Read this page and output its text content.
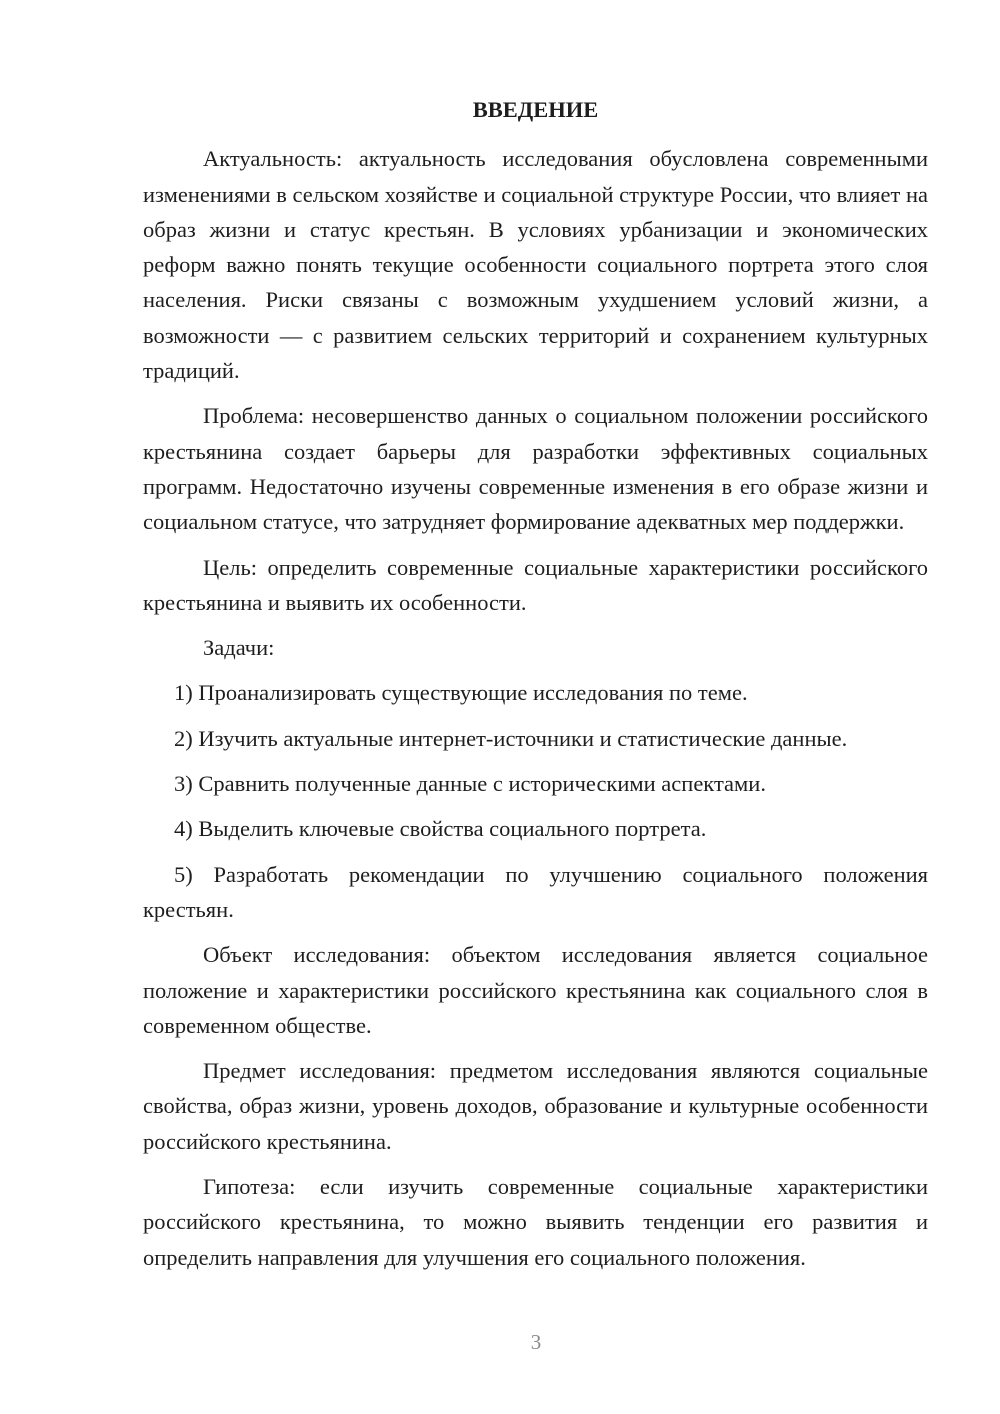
ВВЕДЕНИЕ

Актуальность: актуальность исследования обусловлена современными изменениями в сельском хозяйстве и социальной структуре России, что влияет на образ жизни и статус крестьян. В условиях урбанизации и экономических реформ важно понять текущие особенности социального портрета этого слоя населения. Риски связаны с возможным ухудшением условий жизни, а возможности — с развитием сельских территорий и сохранением культурных традиций.

Проблема: несовершенство данных о социальном положении российского крестьянина создает барьеры для разработки эффективных социальных программ. Недостаточно изучены современные изменения в его образе жизни и социальном статусе, что затрудняет формирование адекватных мер поддержки.

Цель: определить современные социальные характеристики российского крестьянина и выявить их особенности.

Задачи:

1) Проанализировать существующие исследования по теме.

2) Изучить актуальные интернет-источники и статистические данные.

3) Сравнить полученные данные с историческими аспектами.

4) Выделить ключевые свойства социального портрета.

5) Разработать рекомендации по улучшению социального положения крестьян.

Объект исследования: объектом исследования является социальное положение и характеристики российского крестьянина как социального слоя в современном обществе.

Предмет исследования: предметом исследования являются социальные свойства, образ жизни, уровень доходов, образование и культурные особенности российского крестьянина.

Гипотеза: если изучить современные социальные характеристики российского крестьянина, то можно выявить тенденции его развития и определить направления для улучшения его социального положения.

3
